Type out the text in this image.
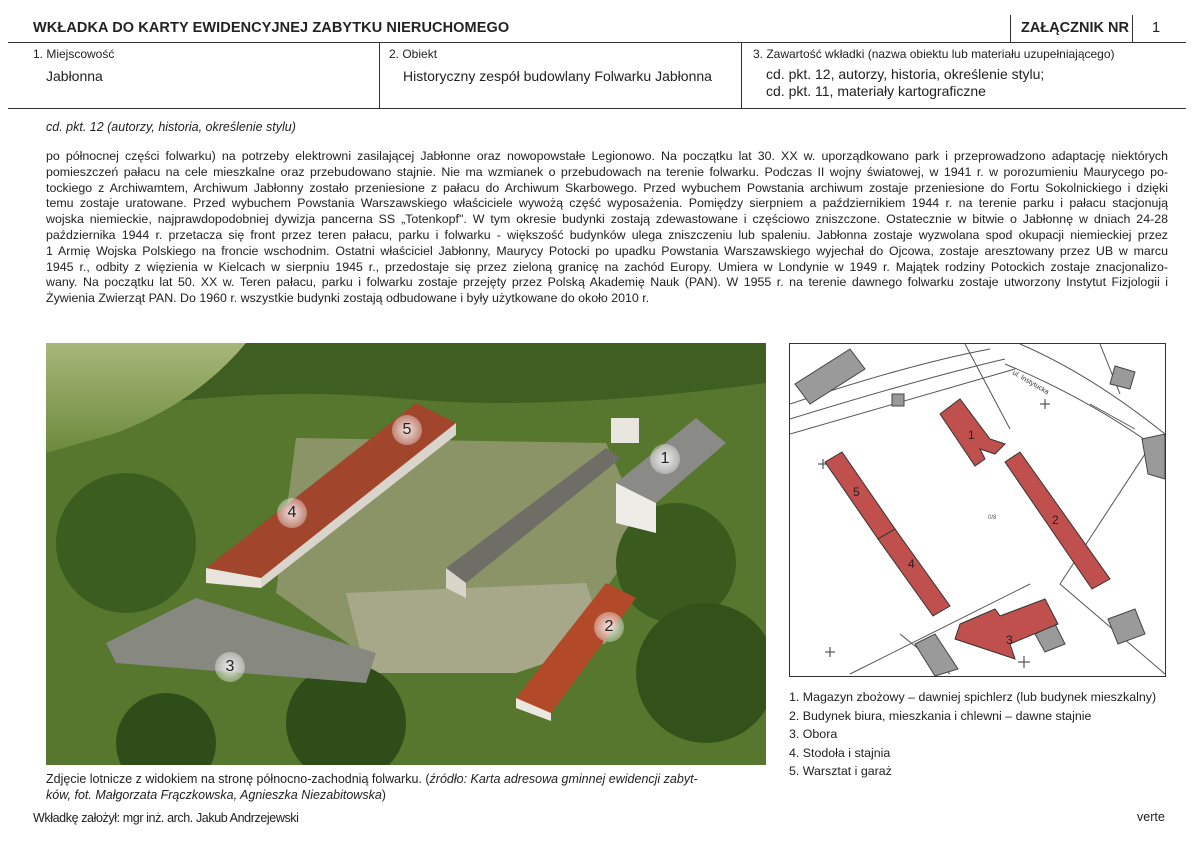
WKŁADKA DO KARTY EWIDENCYJNEJ ZABYTKU NIERUCHOMEGO	ZAŁĄCZNIK NR 1
1. Miejscowość
Jabłonna
2. Obiekt
Historyczny zespół budowlany Folwarku Jabłonna
3. Zawartość wkładki (nazwa obiektu lub materiału uzupełniającego)
cd. pkt. 12, autorzy, historia, określenie stylu;
cd. pkt. 11, materiały kartograficzne
cd. pkt. 12 (autorzy, historia, określenie stylu)
po północnej części folwarku) na potrzeby elektrowni zasilającej Jabłonne oraz nowopowstałe Legionowo. Na początku lat 30. XX w. uporządkowano park i przeprowadzono adaptację niektórych
pomieszczeń pałacu na cele mieszkalne oraz przebudowano stajnie. Nie ma wzmianek o przebudowach na terenie folwarku. Podczas II wojny światowej, w 1941 r. w porozumieniu Maurycego po-
tockiego z Archiwamtem, Archiwum Jabłonny zostało przeniesione z pałacu do Archiwum Skarbowego. Przed wybuchem Powstania archiwum zostaje przeniesione do Fortu Sokolnickiego i dzięki
temu zostaje uratowane. Przed wybuchem Powstania Warszawskiego właściciele wywożą część wyposażenia. Pomiędzy sierpniem a październikiem 1944 r. na terenie parku i pałacu stacjonują
wojska niemieckie, najprawdopodobniej dywizja pancerna SS „Totenkopf". W tym okresie budynki zostają zdewastowane i częściowo zniszczone. Ostatecznie w bitwie o Jabłonnę w dniach 24-28
października 1944 r. przetacza się front przez teren pałacu, parku i folwarku - większość budynków ulega zniszczeniu lub spaleniu. Jabłonna zostaje wyzwolana spod okupacji niemieckiej przez
1 Armię Wojska Polskiego na froncie wschodnim. Ostatni właściciel Jabłonny, Maurycy Potocki po upadku Powstania Warszawskiego wyjechał do Ojcowa, zostaje aresztowany przez UB w marcu
1945 r., odbity z więzienia w Kielcach w sierpniu 1945 r., przedostaje się przez zieloną granicę na zachód Europy. Umiera w Londynie w 1949 r. Majątek rodziny Potockich zostaje znacjonalizo-
wany. Na początku lat 50. XX w. Teren pałacu, parku i folwarku zostaje przejęty przez Polską Akademię Nauk (PAN). W 1955 r. na terenie dawnego folwarku zostaje utworzony Instytut Fizjologii i
Żywienia Zwierząt PAN. Do 1960 r. wszystkie budynki zostają odbudowane i były użytkowane do około 2010 r.
1
2
3
4
5
Zdjęcie lotnicze z widokiem na stronę północno-zachodnią folwarku. (źródło: Karta adresowa gminnej ewidencji zabyt-
ków, fot. Małgorzata Frączkowska, Agnieszka Niezabitowska)
1
2
3
4
5
ul. Instytucka
0/8
1. Magazyn zbożowy – dawniej spichlerz (lub budynek mieszkalny)
2. Budynek biura, mieszkania i chlewni – dawne stajnie
3. Obora
4. Stodoła i stajnia
5. Warsztat i garaż
Wkładkę założył: mgr inż. arch. Jakub Andrzejewski	verte
